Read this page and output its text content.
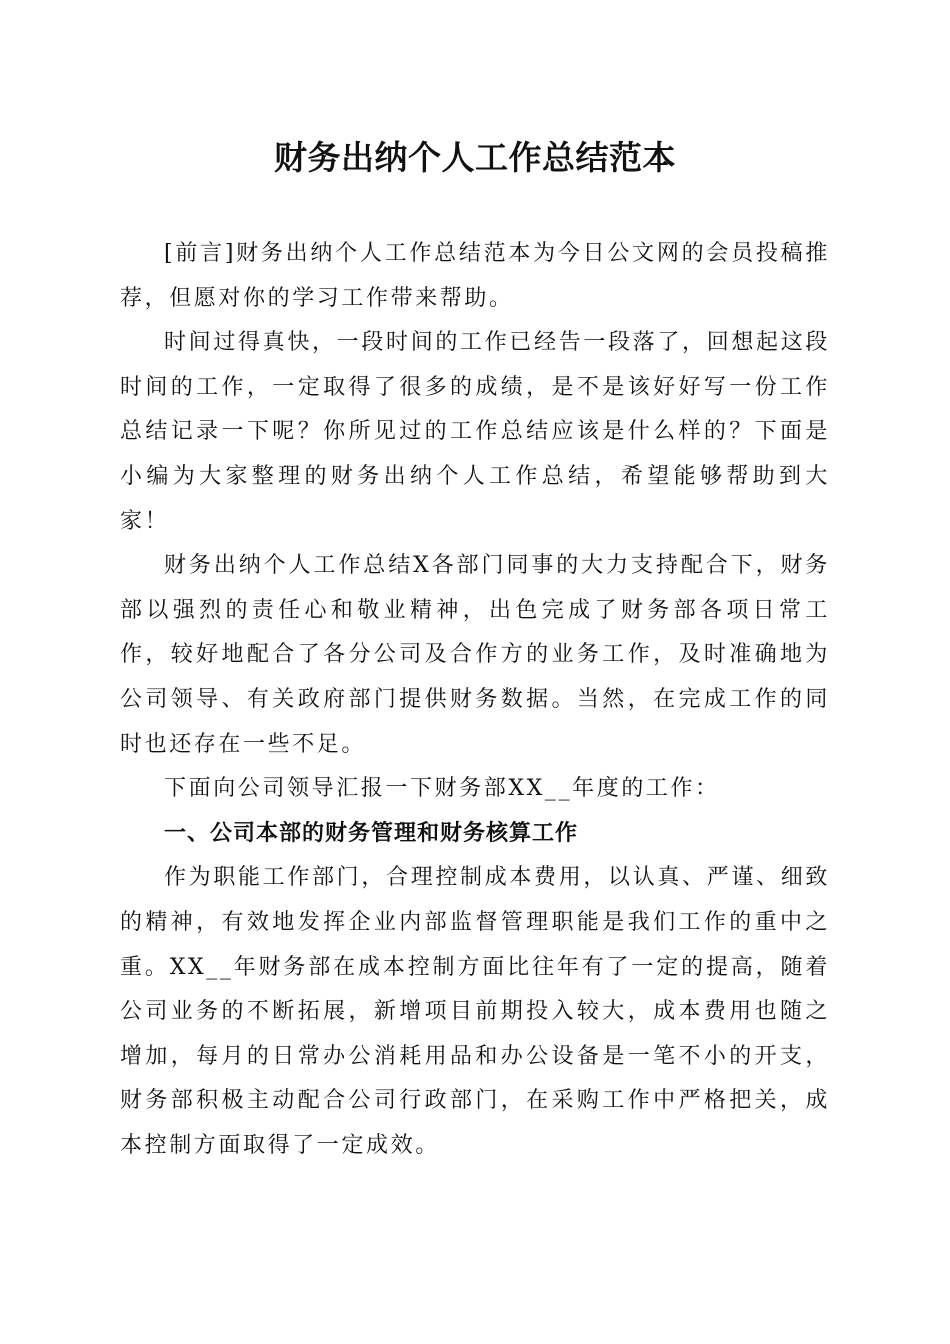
财务出纳个人工作总结范本

[前言]财务出纳个人工作总结范本为今日公文网的会员投稿推荐，但愿对你的学习工作带来帮助。

时间过得真快，一段时间的工作已经告一段落了，回想起这段时间的工作，一定取得了很多的成绩，是不是该好好写一份工作总结记录一下呢？你所见过的工作总结应该是什么样的？下面是小编为大家整理的财务出纳个人工作总结，希望能够帮助到大家！

财务出纳个人工作总结X各部门同事的大力支持配合下，财务部以强烈的责任心和敬业精神，出色完成了财务部各项日常工作，较好地配合了各分公司及合作方的业务工作，及时准确地为公司领导、有关政府部门提供财务数据。当然，在完成工作的同时也还存在一些不足。

下面向公司领导汇报一下财务部XX__年度的工作：

一、公司本部的财务管理和财务核算工作

作为职能工作部门，合理控制成本费用，以认真、严谨、细致的精神，有效地发挥企业内部监督管理职能是我们工作的重中之重。XX__年财务部在成本控制方面比往年有了一定的提高，随着公司业务的不断拓展，新增项目前期投入较大，成本费用也随之增加，每月的日常办公消耗用品和办公设备是一笔不小的开支，财务部积极主动配合公司行政部门，在采购工作中严格把关，成本控制方面取得了一定成效。
